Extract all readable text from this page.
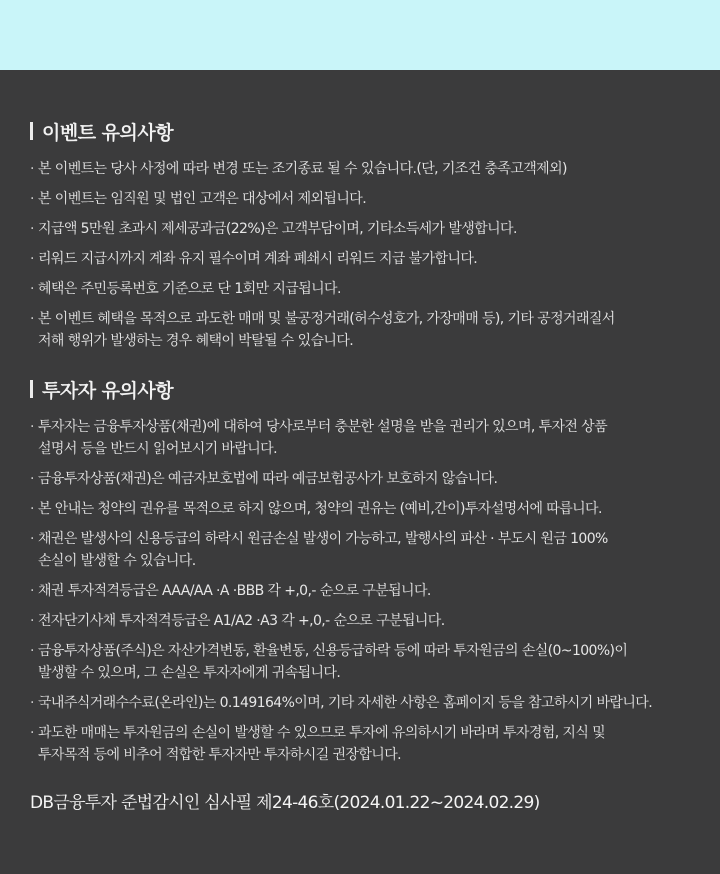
이벤트 유의사항
· 본 이벤트는 당사 사정에 따라 변경 또는 조기종료 될 수 있습니다.(단, 기조건 충족고객제외)
· 본 이벤트는 임직원 및 법인 고객은 대상에서 제외됩니다.
· 지급액 5만원 초과시 제세공과금(22%)은 고객부담이며, 기타소득세가 발생합니다.
· 리워드 지급시까지 계좌 유지 필수이며 계좌 폐쇄시 리워드 지급 불가합니다.
· 혜택은 주민등록번호 기준으로 단 1회만 지급됩니다.
· 본 이벤트 혜택을 목적으로 과도한 매매 및 불공정거래(허수성호가, 가장매매 등), 기타 공정거래질서
저해 행위가 발생하는 경우 혜택이 박탈될 수 있습니다.
투자자 유의사항
· 투자자는 금융투자상품(채권)에 대하여 당사로부터 충분한 설명을 받을 권리가 있으며, 투자전 상품
설명서 등을 반드시 읽어보시기 바랍니다.
· 금융투자상품(채권)은 예금자보호법에 따라 예금보험공사가 보호하지 않습니다.
· 본 안내는 청약의 권유를 목적으로 하지 않으며, 청약의 권유는 (예비,간이)투자설명서에 따릅니다.
· 채권은 발생사의 신용등급의 하락시 원금손실 발생이 가능하고, 발행사의 파산 · 부도시 원금 100%
손실이 발생할 수 있습니다.
· 채권 투자적격등급은 AAA/AA ·A ·BBB 각 +,0,- 순으로 구분됩니다.
· 전자단기사채 투자적격등급은 A1/A2 ·A3 각 +,0,- 순으로 구분됩니다.
· 금융투자상품(주식)은 자산가격변동, 환율변동, 신용등급하락 등에 따라 투자원금의 손실(0~100%)이
발생할 수 있으며, 그 손실은 투자자에게 귀속됩니다.
· 국내주식거래수수료(온라인)는 0.149164%이며, 기타 자세한 사항은 홈페이지 등을 참고하시기 바랍니다.
· 과도한 매매는 투자원금의 손실이 발생할 수 있으므로 투자에 유의하시기 바라며 투자경험, 지식 및
투자목적 등에 비추어 적합한 투자자만 투자하시길 권장합니다.
DB금융투자 준법감시인 심사필 제24-46호(2024.01.22~2024.02.29)
